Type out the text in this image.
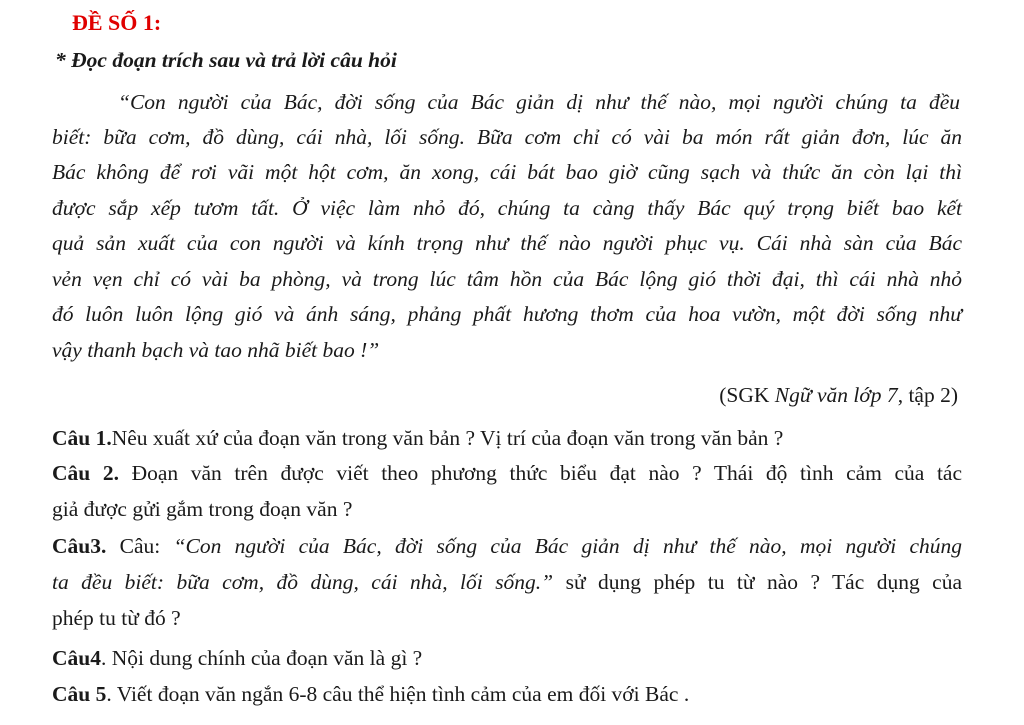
ĐỀ SỐ 1:
* Đọc đoạn trích sau và trả lời câu hỏi
“Con người của Bác, đời sống của Bác giản dị như thế nào, mọi người chúng ta đều
biết: bữa cơm, đồ dùng, cái nhà, lối sống. Bữa cơm chỉ có vài ba món rất giản đơn, lúc ăn
Bác không để rơi vãi một hột cơm, ăn xong, cái bát bao giờ cũng sạch và thức ăn còn lại thì
được sắp xếp tươm tất. Ở việc làm nhỏ đó, chúng ta càng thấy Bác quý trọng biết bao kết
quả sản xuất của con người và kính trọng như thế nào người phục vụ. Cái nhà sàn của Bác
vẻn vẹn chỉ có vài ba phòng, và trong lúc tâm hồn của Bác lộng gió thời đại, thì cái nhà nhỏ
đó luôn luôn lộng gió và ánh sáng, phảng phất hương thơm của hoa vườn, một đời sống như
vậy thanh bạch và tao nhã biết bao !”
(SGK Ngữ văn lớp 7, tập 2)
Câu 1.Nêu xuất xứ của đoạn văn trong văn bản ? Vị trí của đoạn văn trong văn bản ?
Câu 2. Đoạn văn trên được viết theo phương thức biểu đạt nào ? Thái độ tình cảm của tác
giả được gửi gắm trong đoạn văn ?
Câu3. Câu: “Con người của Bác, đời sống của Bác giản dị như thế nào, mọi người chúng
ta đều biết: bữa cơm, đồ dùng, cái nhà, lối sống.” sử dụng phép tu từ nào ? Tác dụng của
phép tu từ đó ?
Câu4. Nội dung chính của đoạn văn là gì ?
Câu 5. Viết đoạn văn ngắn 6-8 câu thể hiện tình cảm của em đối với Bác .
